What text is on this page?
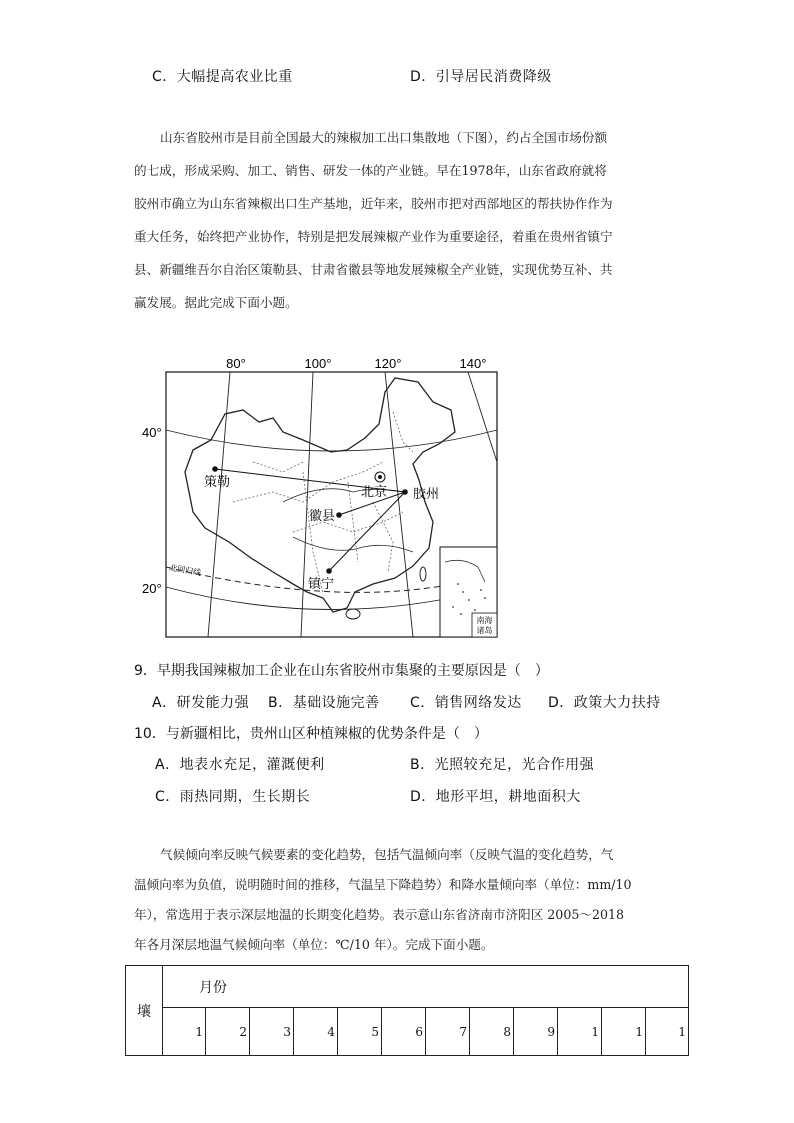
C．大幅提高农业比重	D．引导居民消费降级

山东省胶州市是目前全国最大的辣椒加工出口集散地（下图），约占全国市场份额

的七成，形成采购、加工、销售、研发一体的产业链。早在1978年，山东省政府就将

胶州市确立为山东省辣椒出口生产基地，近年来，胶州市把对西部地区的帮扶协作作为

重大任务，始终把产业协作，特别是把发展辣椒产业作为重要途径，着重在贵州省镇宁

县、新疆维吾尔自治区策勒县、甘肃省徽县等地发展辣椒全产业链，实现优势互补、共

赢发展。据此完成下面小题。

80°	100°	120°	140°
40°
20°
北回归线
策勒
北京 胶州
徽县
镇宁
南海
诸岛
9．早期我国辣椒加工企业在山东省胶州市集聚的主要原因是（　）
A．研发能力强 B．基础设施完善 C．销售网络发达 D．政策大力扶持
10．与新疆相比，贵州山区种植辣椒的优势条件是（　）
A．地表水充足，灌溉便利	B．光照较充足，光合作用强
C．雨热同期，生长期长	D．地形平坦，耕地面积大

气候倾向率反映气候要素的变化趋势，包括气温倾向率（反映气温的变化趋势，气

温倾向率为负值，说明随时间的推移，气温呈下降趋势）和降水量倾向率（单位：mm/10

年），常选用于表示深层地温的长期变化趋势。表示意山东省济南市济阳区 2005～2018

年各月深层地温气候倾向率（单位：℃/10 年）。完成下面小题。

壤	月份											
	1	2	3	4	5	6	7	8	9	1	1	1
